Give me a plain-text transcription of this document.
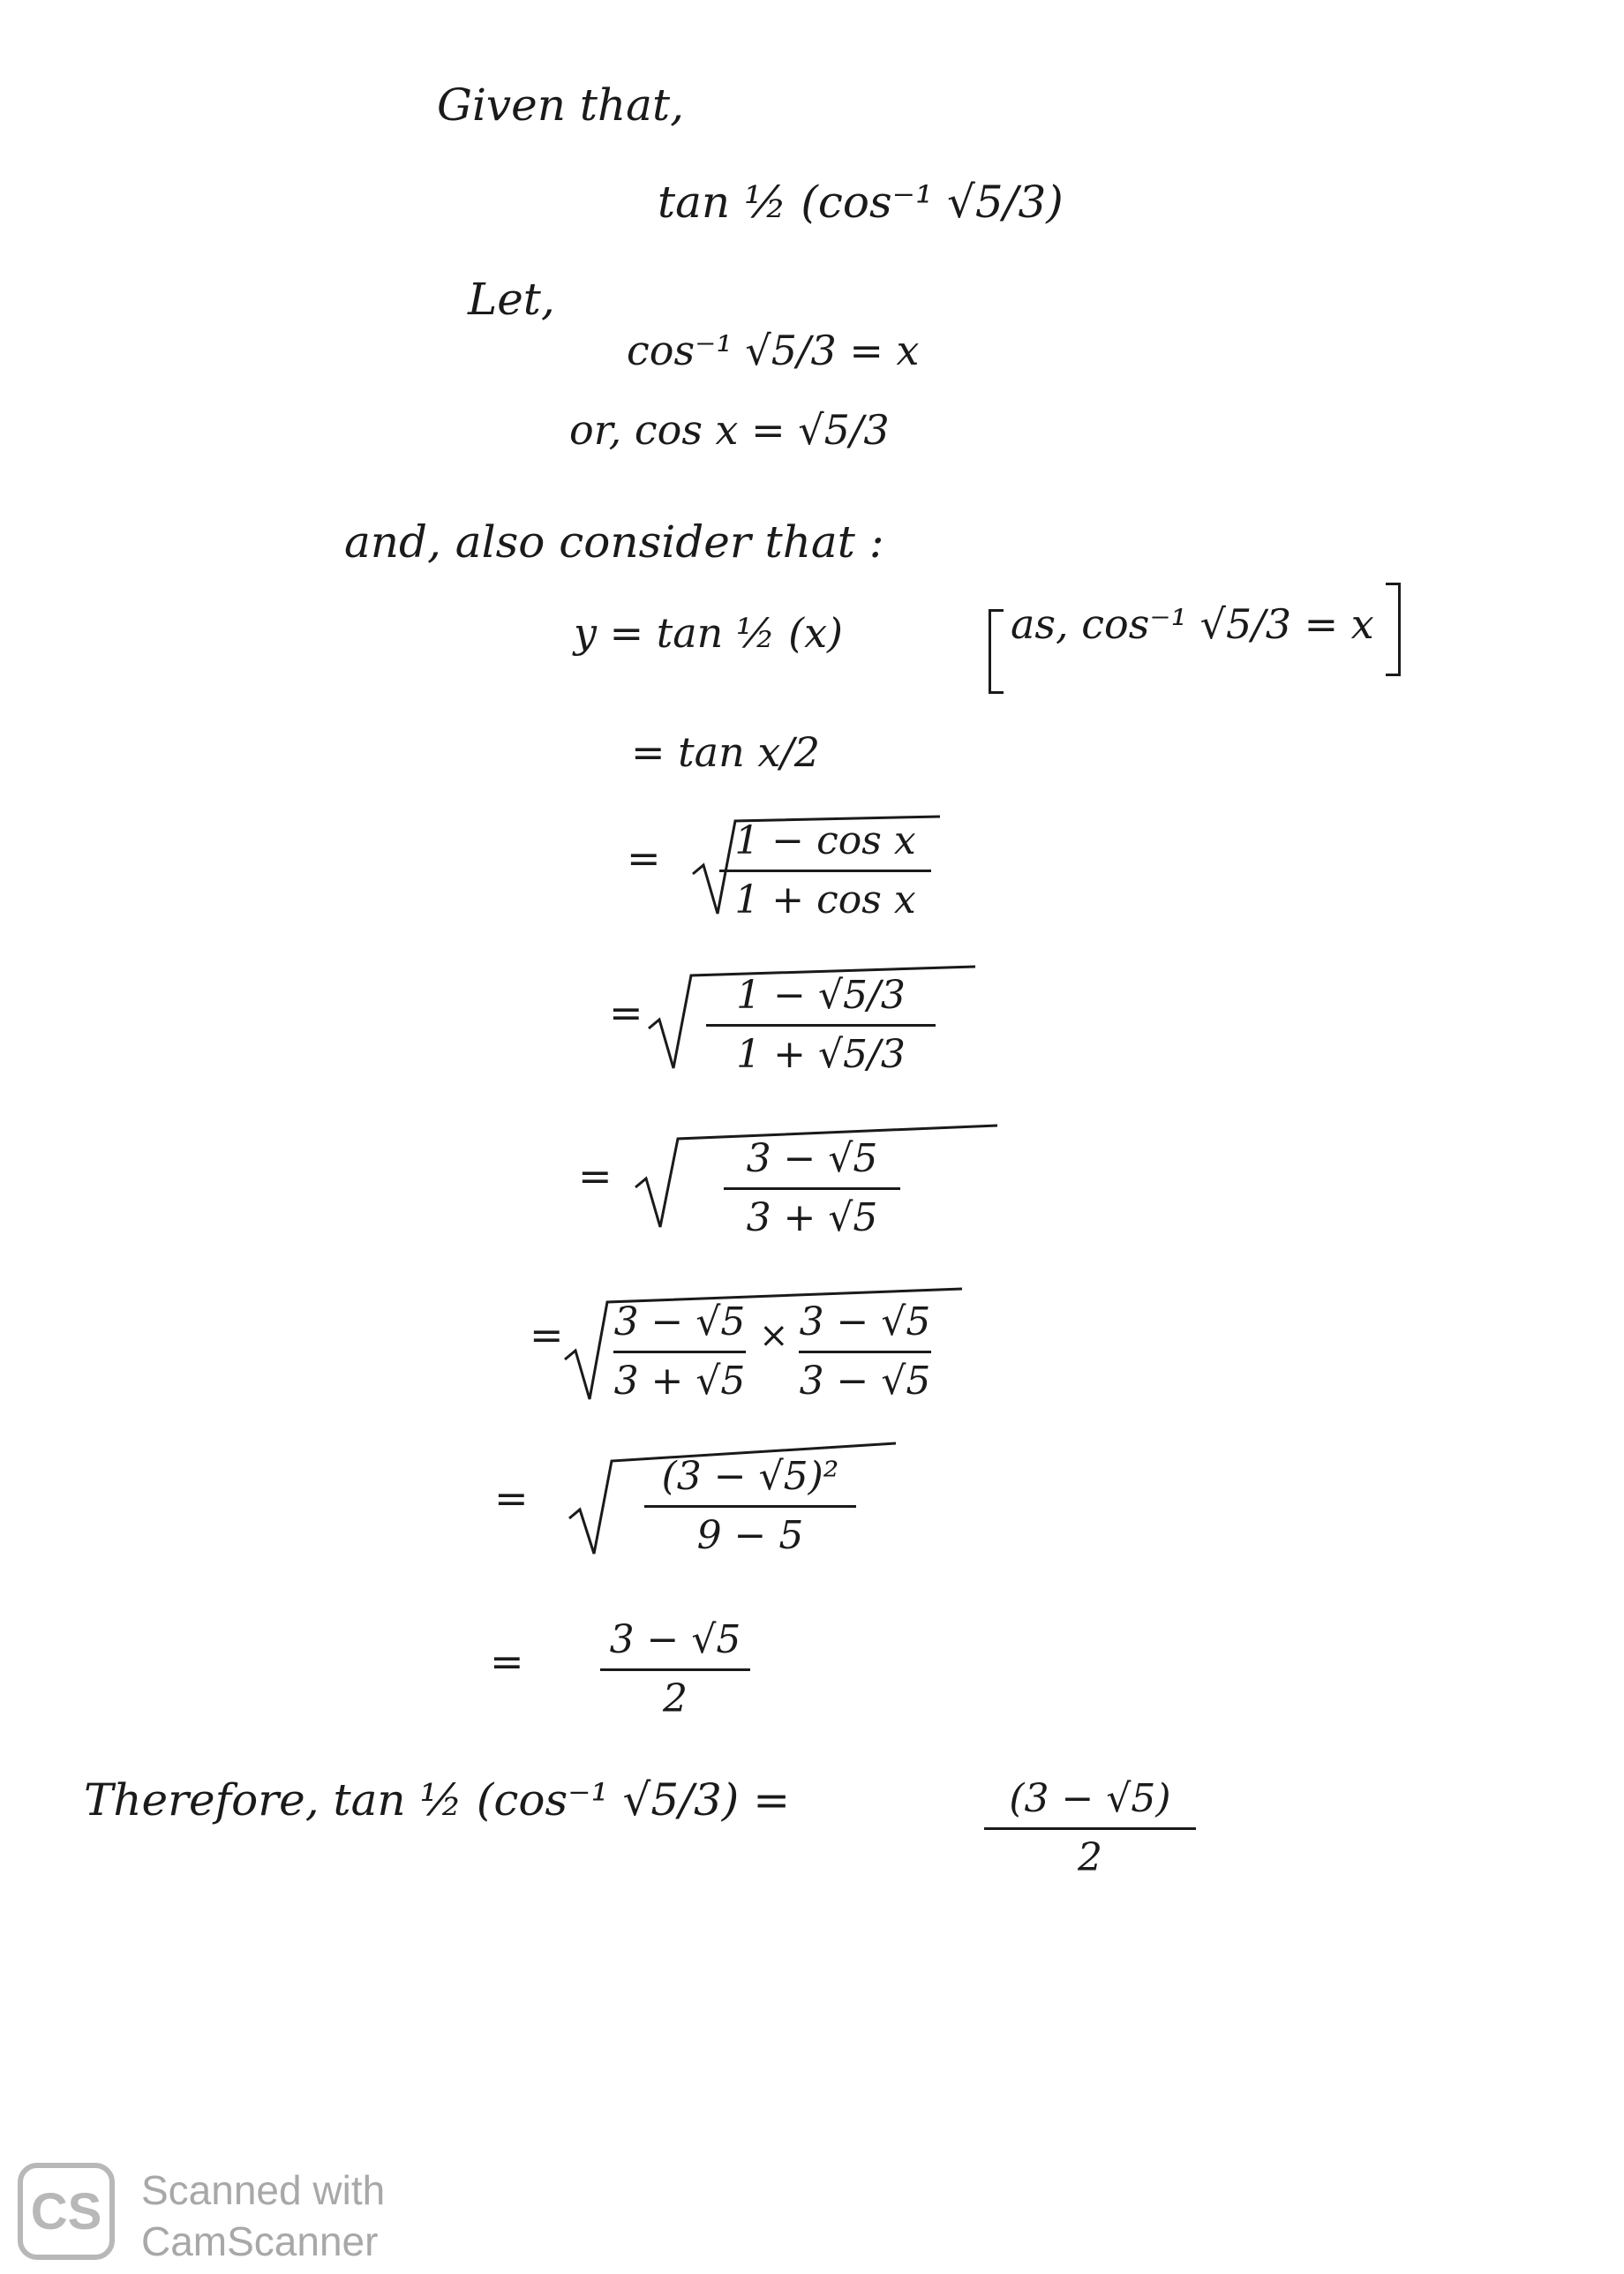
Given that,
tan ½ (cos⁻¹ √5/3)
Let,
cos⁻¹ √5/3 = x
or, cos x = √5/3
and, also consider that :
y = tan ½ (x)	as, cos⁻¹ √5/3 = x
= tan x/2
= 1 − cos x
1 + cos x
= 1 − √5/3
1 + √5/3
=	3 − √5
3 + √5
= 3 − √5
3 + √5
× 3 − √5
3 − √5
=	(3 − √5)²
9 − 5
= 3 − √5
2
Therefore, tan ½ (cos⁻¹ √5/3) =	(3 − √5)
2
CS Scanned with
CamScanner
